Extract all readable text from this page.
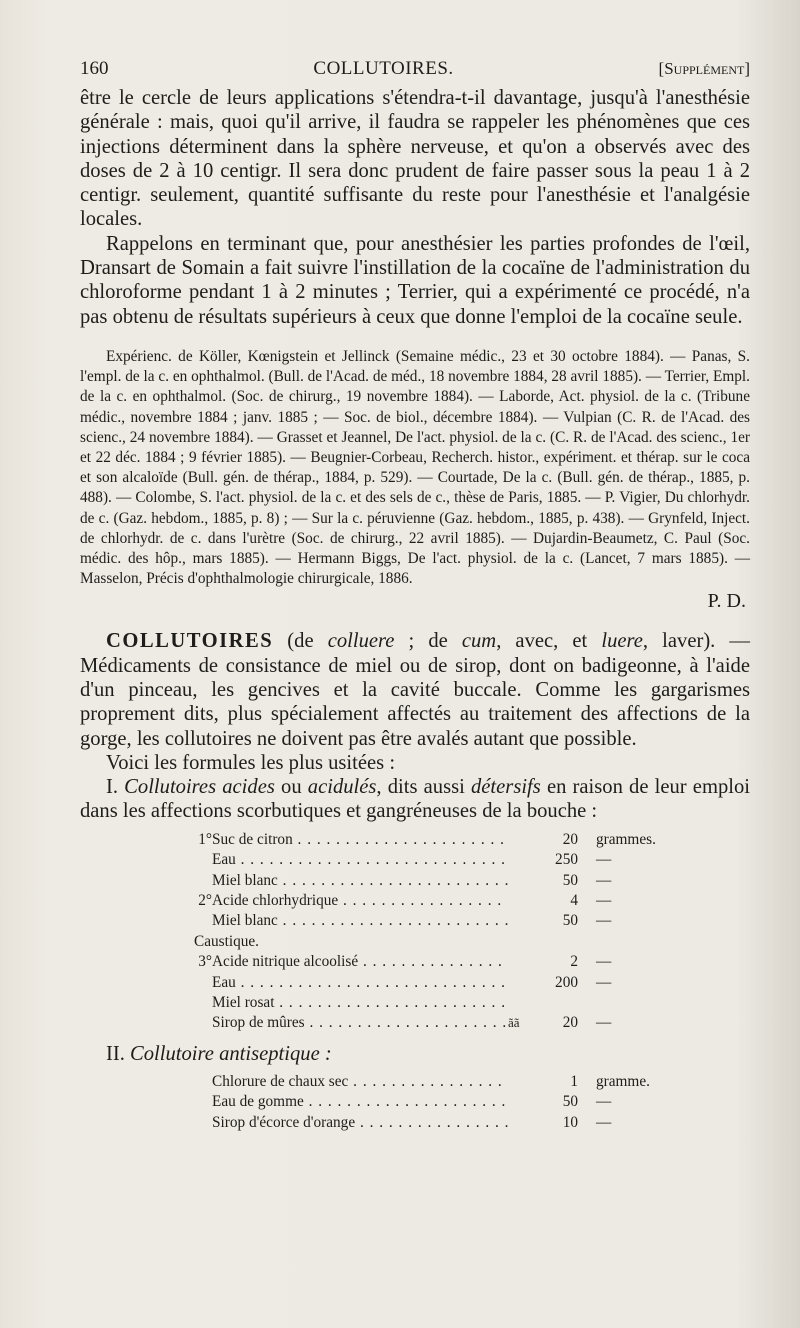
160	COLLUTOIRES.	[Supplément]

être le cercle de leurs applications s'étendra-t-il davantage, jusqu'à l'anesthésie générale : mais, quoi qu'il arrive, il faudra se rappeler les phénomènes que ces injections déterminent dans la sphère nerveuse, et qu'on a observés avec des doses de 2 à 10 centigr. Il sera donc prudent de faire passer sous la peau 1 à 2 centigr. seulement, quantité suffisante du reste pour l'anesthésie et l'analgésie locales.

Rappelons en terminant que, pour anesthésier les parties profondes de l'œil, Dransart de Somain a fait suivre l'instillation de la cocaïne de l'administration du chloroforme pendant 1 à 2 minutes ; Terrier, qui a expérimenté ce procédé, n'a pas obtenu de résultats supérieurs à ceux que donne l'emploi de la cocaïne seule.

Expérienc. de Köller, Kœnigstein et Jellinck (Semaine médic., 23 et 30 octobre 1884). — Panas, S. l'empl. de la c. en ophthalmol. (Bull. de l'Acad. de méd., 18 novembre 1884, 28 avril 1885). — Terrier, Empl. de la c. en ophthalmol. (Soc. de chirurg., 19 novembre 1884). — Laborde, Act. physiol. de la c. (Tribune médic., novembre 1884 ; janv. 1885 ; — Soc. de biol., décembre 1884). — Vulpian (C. R. de l'Acad. des scienc., 24 novembre 1884). — Grasset et Jeannel, De l'act. physiol. de la c. (C. R. de l'Acad. des scienc., 1er et 22 déc. 1884 ; 9 février 1885). — Beugnier-Corbeau, Recherch. histor., expériment. et thérap. sur le coca et son alcaloïde (Bull. gén. de thérap., 1884, p. 529). — Courtade, De la c. (Bull. gén. de thérap., 1885, p. 488). — Colombe, S. l'act. physiol. de la c. et des sels de c., thèse de Paris, 1885. — P. Vigier, Du chlorhydr. de c. (Gaz. hebdom., 1885, p. 8) ; — Sur la c. péruvienne (Gaz. hebdom., 1885, p. 438). — Grynfeld, Inject. de chlorhydr. de c. dans l'urètre (Soc. de chirurg., 22 avril 1885). — Dujardin-Beaumetz, C. Paul (Soc. médic. des hôp., mars 1885). — Hermann Biggs, De l'act. physiol. de la c. (Lancet, 7 mars 1885). — Masselon, Précis d'ophthalmologie chirurgicale, 1886.

P. D.

COLLUTOIRES (de colluere ; de cum, avec, et luere, laver). — Médicaments de consistance de miel ou de sirop, dont on badigeonne, à l'aide d'un pinceau, les gencives et la cavité buccale. Comme les gargarismes proprement dits, plus spécialement affectés au traitement des affections de la gorge, les collutoires ne doivent pas être avalés autant que possible.

Voici les formules les plus usitées :

I. Collutoires acides ou acidulés, dits aussi détersifs en raison de leur emploi dans les affections scorbutiques et gangréneuses de la bouche :

1° Suc de citron . . .	20	grammes.
Eau . . .	250	—
Miel blanc . . .	50	—
2° Acide chlorhydrique . . .	4	—
Miel blanc . . .	50	—
Caustique.
3° Acide nitrique alcoolisé . . .	2	—
Eau . . .	200	—
Miel rosat . . .
Sirop de mûres . . .	ãã	20	—

II. Collutoire antiseptique :

Chlorure de chaux sec . . .	1	gramme.
Eau de gomme . . .	50	—
Sirop d'écorce d'orange . . .	10	—
